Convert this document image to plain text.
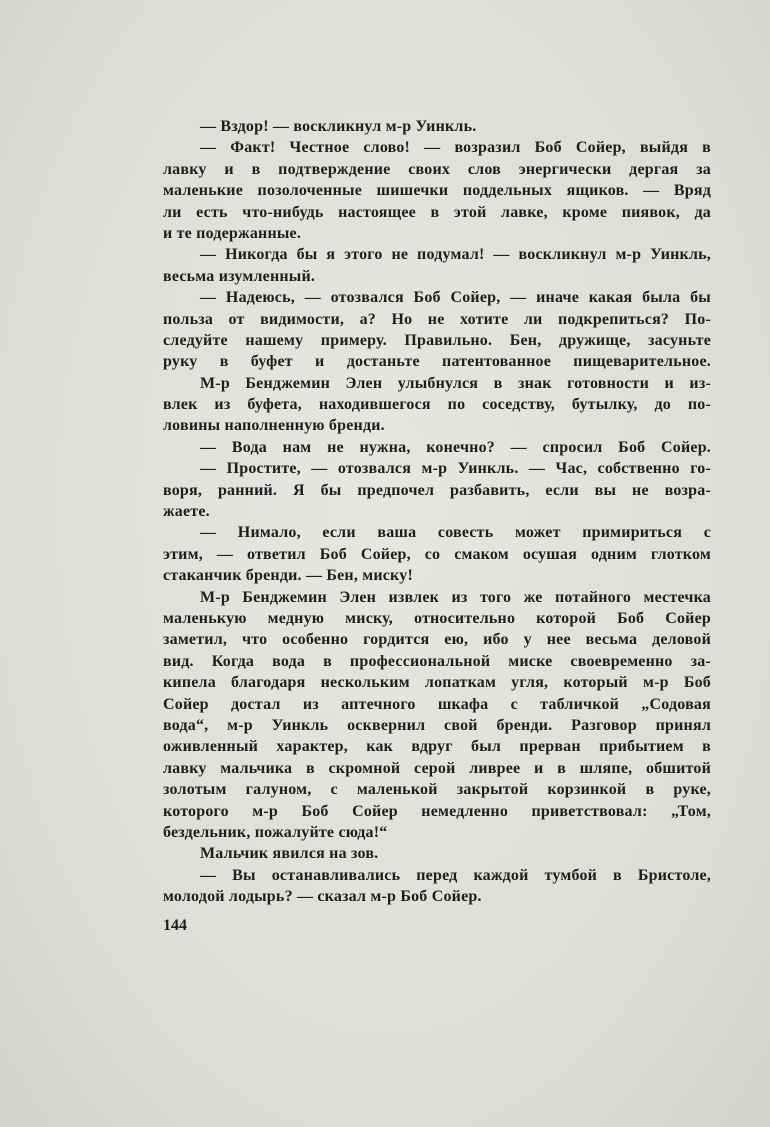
— Вздор! — воскликнул м-р Уинкль.
— Факт! Честное слово! — возразил Боб Сойер, выйдя в
лавку и в подтверждение своих слов энергически дергая за
маленькие позолоченные шишечки поддельных ящиков. — Вряд
ли есть что-нибудь настоящее в этой лавке, кроме пиявок, да
и те подержанные.
— Никогда бы я этого не подумал! — воскликнул м-р Уинкль,
весьма изумленный.
— Надеюсь, — отозвался Боб Сойер, — иначе какая была бы
польза от видимости, а? Но не хотите ли подкрепиться? По-
следуйте нашему примеру. Правильно. Бен, дружище, засуньте
руку в буфет и достаньте патентованное пищеварительное.
М-р Бенджемин Элен улыбнулся в знак готовности и из-
влек из буфета, находившегося по соседству, бутылку, до по-
ловины наполненную бренди.
— Вода нам не нужна, конечно? — спросил Боб Сойер.
— Простите, — отозвался м-р Уинкль. — Час, собственно го-
воря, ранний. Я бы предпочел разбавить, если вы не возра-
жаете.
— Нимало, если ваша совесть может примириться с
этим, — ответил Боб Сойер, со смаком осушая одним глотком
стаканчик бренди. — Бен, миску!
М-р Бенджемин Элен извлек из того же потайного местечка
маленькую медную миску, относительно которой Боб Сойер
заметил, что особенно гордится ею, ибо у нее весьма деловой
вид. Когда вода в профессиональной миске своевременно за-
кипела благодаря нескольким лопаткам угля, который м-р Боб
Сойер достал из аптечного шкафа с табличкой „Содовая
вода“, м-р Уинкль осквернил свой бренди. Разговор принял
оживленный характер, как вдруг был прерван прибытием в
лавку мальчика в скромной серой ливрее и в шляпе, обшитой
золотым галуном, с маленькой закрытой корзинкой в руке,
которого м-р Боб Сойер немедленно приветствовал: „Том,
бездельник, пожалуйте сюда!“
Мальчик явился на зов.
— Вы останавливались перед каждой тумбой в Бристоле,
молодой лодырь? — сказал м-р Боб Сойер.
144
